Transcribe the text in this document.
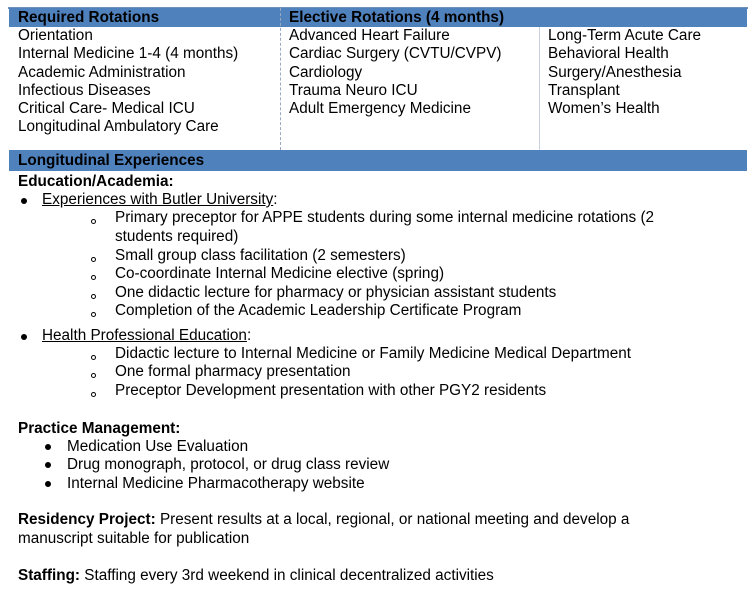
Required Rotations	Elective Rotations (4 months)
Orientation
Internal Medicine 1-4 (4 months)
Academic Administration
Infectious Diseases
Critical Care- Medical ICU
Longitudinal Ambulatory Care
Advanced Heart Failure
Cardiac Surgery (CVTU/CVPV)
Cardiology
Trauma Neuro ICU
Adult Emergency Medicine
Long-Term Acute Care
Behavioral Health
Surgery/Anesthesia
Transplant
Women’s Health
Longitudinal Experiences
Education/Academia:
Experiences with Butler University:
Primary preceptor for APPE students during some internal medicine rotations (2
students required)
Small group class facilitation (2 semesters)
Co-coordinate Internal Medicine elective (spring)
One didactic lecture for pharmacy or physician assistant students
Completion of the Academic Leadership Certificate Program
Health Professional Education:
Didactic lecture to Internal Medicine or Family Medicine Medical Department
One formal pharmacy presentation
Preceptor Development presentation with other PGY2 residents
Practice Management:
Medication Use Evaluation
Drug monograph, protocol, or drug class review
Internal Medicine Pharmacotherapy website
Residency Project: Present results at a local, regional, or national meeting and develop a
manuscript suitable for publication
Staffing: Staffing every 3rd weekend in clinical decentralized activities
